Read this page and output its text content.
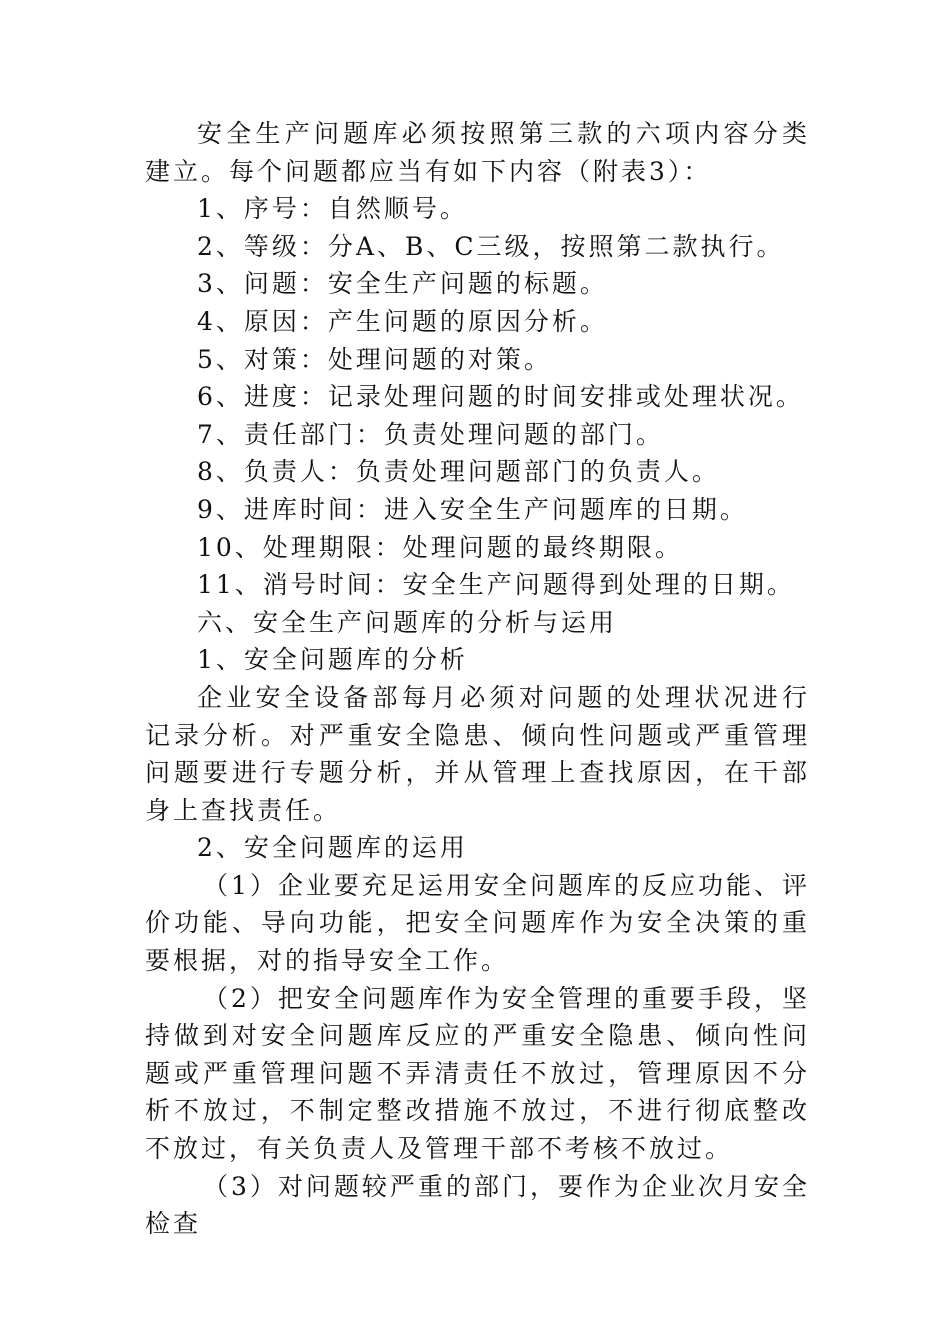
安全生产问题库必须按照第三款的六项内容分类建立。每个问题都应当有如下内容（附表3）：

1、序号：自然顺号。

2、等级：分A、B、C三级，按照第二款执行。

3、问题：安全生产问题的标题。

4、原因：产生问题的原因分析。

5、对策：处理问题的对策。

6、进度：记录处理问题的时间安排或处理状况。

7、责任部门：负责处理问题的部门。

8、负责人：负责处理问题部门的负责人。

9、进库时间：进入安全生产问题库的日期。

10、处理期限：处理问题的最终期限。

11、消号时间：安全生产问题得到处理的日期。

六、安全生产问题库的分析与运用

1、安全问题库的分析

企业安全设备部每月必须对问题的处理状况进行记录分析。对严重安全隐患、倾向性问题或严重管理问题要进行专题分析，并从管理上查找原因，在干部身上查找责任。

2、安全问题库的运用

（1）企业要充足运用安全问题库的反应功能、评价功能、导向功能，把安全问题库作为安全决策的重要根据，对的指导安全工作。

（2）把安全问题库作为安全管理的重要手段，坚持做到对安全问题库反应的严重安全隐患、倾向性问题或严重管理问题不弄清责任不放过，管理原因不分析不放过，不制定整改措施不放过，不进行彻底整改不放过，有关负责人及管理干部不考核不放过。

（3）对问题较严重的部门，要作为企业次月安全检查
